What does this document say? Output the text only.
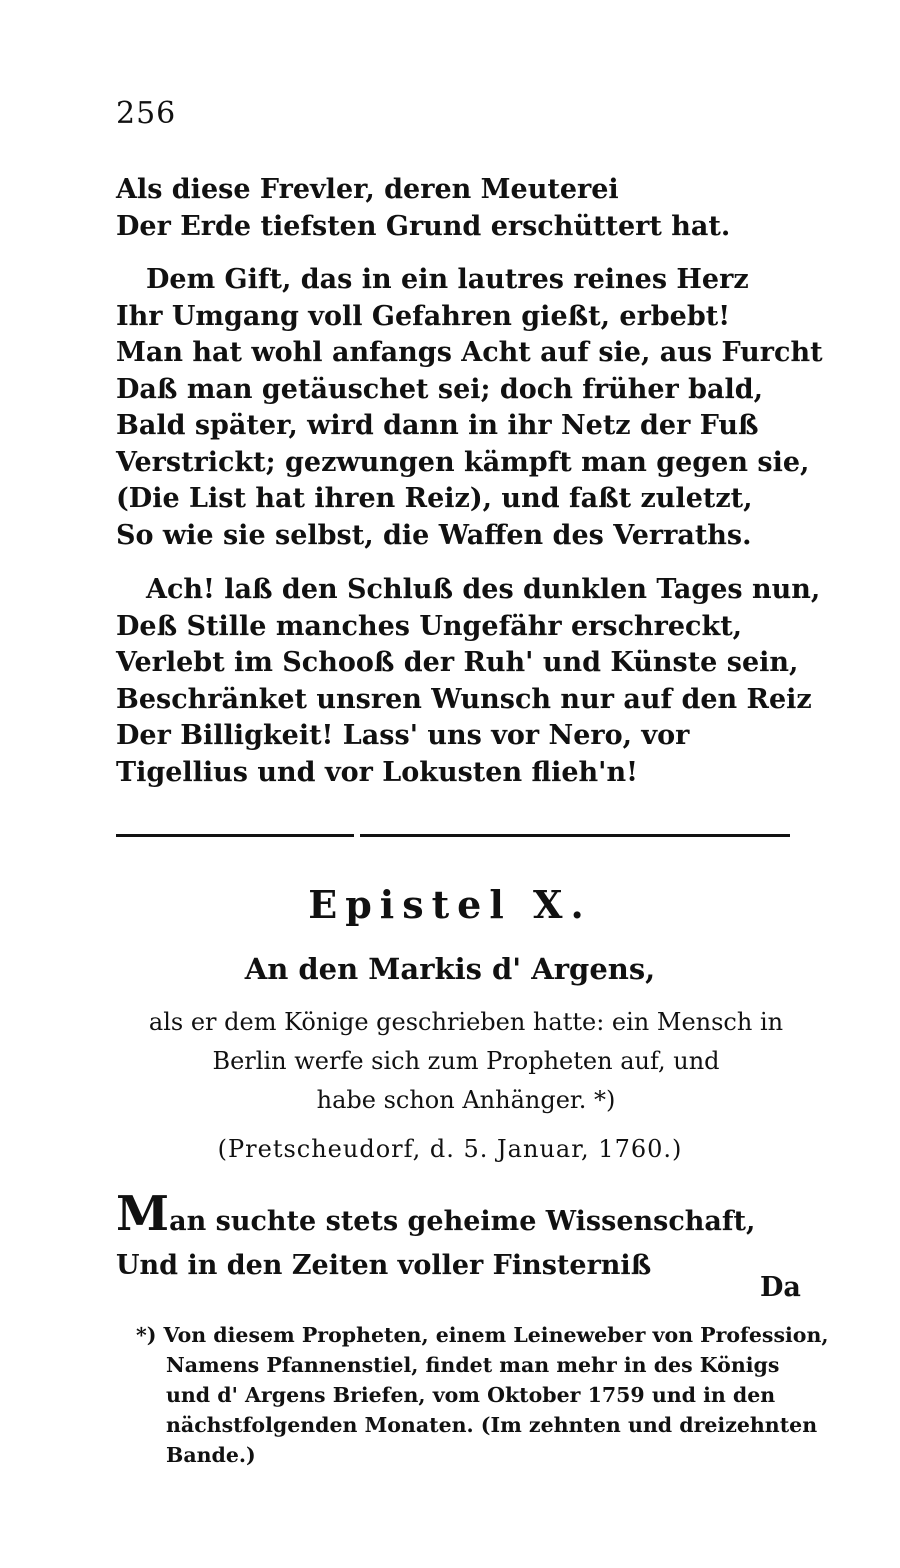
256
Als diese Frevler, deren Meuterei
Der Erde tiefsten Grund erschüttert hat.
Dem Gift, das in ein lautres reines Herz
Ihr Umgang voll Gefahren gießt, erbebt!
Man hat wohl anfangs Acht auf sie, aus Furcht
Daß man getäuschet sei; doch früher bald,
Bald später, wird dann in ihr Netz der Fuß
Verstrickt; gezwungen kämpft man gegen sie,
(Die List hat ihren Reiz), und faßt zuletzt,
So wie sie selbst, die Waffen des Verraths.
Ach! laß den Schluß des dunklen Tages nun,
Deß Stille manches Ungefähr erschreckt,
Verlebt im Schooß der Ruh' und Künste sein,
Beschränket unsren Wunsch nur auf den Reiz
Der Billigkeit! Lass' uns vor Nero, vor
Tigellius und vor Lokusten flieh'n!
Epistel X.
An den Markis d' Argens,
als er dem Könige geschrieben hatte: ein Mensch in
Berlin werfe sich zum Propheten auf, und
habe schon Anhänger. *)
(Pretscheudorf, d. 5. Januar, 1760.)
Man suchte stets geheime Wissenschaft,
Und in den Zeiten voller Finsterniß
Da
*) Von diesem Propheten, einem Leineweber von Profession,
Namens Pfannenstiel, findet man mehr in des Königs
und d' Argens Briefen, vom Oktober 1759 und in den
nächstfolgenden Monaten. (Im zehnten und dreizehnten
Bande.)
